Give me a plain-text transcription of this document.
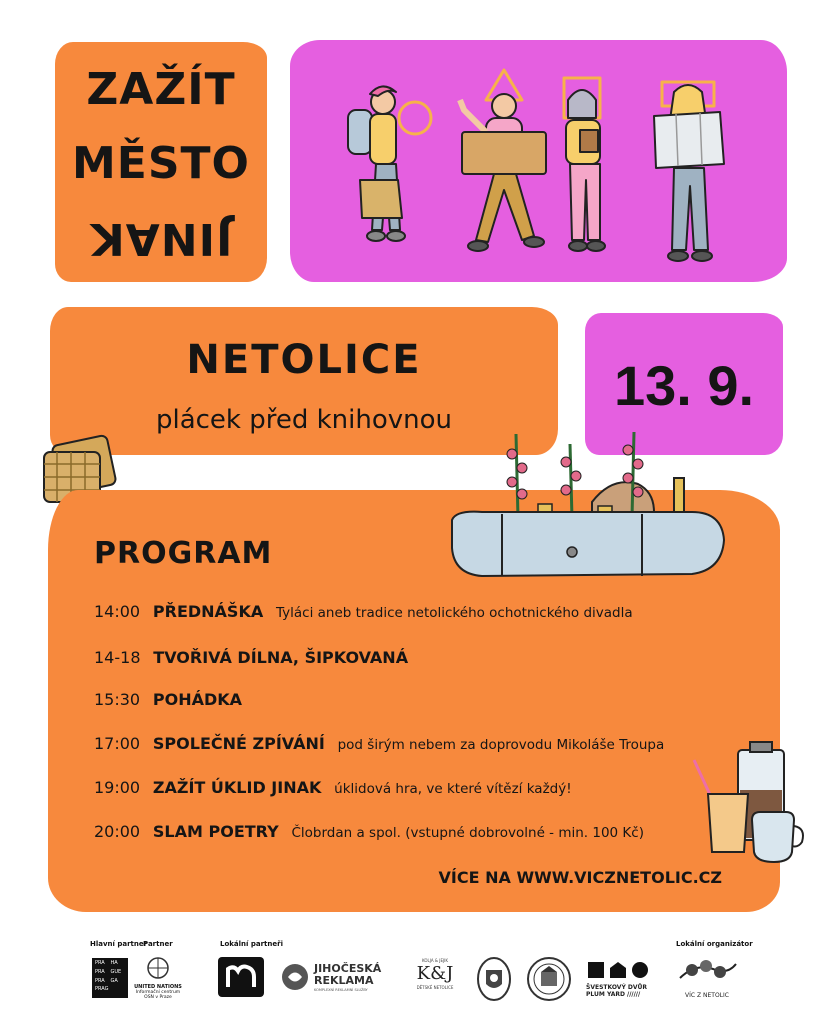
ZAŽÍT
MĚSTO
JINAK
NETOLICE
plácek před knihovnou
13. 9.
PROGRAM
14:00 PŘEDNÁŠKA Tyláci aneb tradice netolického ochotnického divadla
14-18 TVOŘIVÁ DÍLNA, ŠIPKOVANÁ
15:30 POHÁDKA
17:00 SPOLEČNÉ ZPÍVÁNÍ pod širým nebem za doprovodu Mikoláše Troupa
19:00 ZAŽÍT ÚKLID JINAK úklidová hra, ve které vítězí každý!
20:00 SLAM POETRY Člobrdan a spol. (vstupné dobrovolné - min. 100 Kč)
VÍCE NA WWW.VICZNETOLIC.CZ
Hlavní partner
Partner	Lokální partneři	Lokální organizátor
PRA	HA
PRA	GUE
PRA	GA
PRAG	UNITED NATIONS
Informační centrum
OSN v Praze
JIHOČESKÁ
REKLAMA
KOMPLEXNÍ REKLAMNÍ SLUŽBY
KOLJA & JEJIK
K&J
DĚTSKÉ NETOLICE	ŠVESTKOVÝ DVŮR
PLUM YARD //////	VÍC Z NETOLIC
